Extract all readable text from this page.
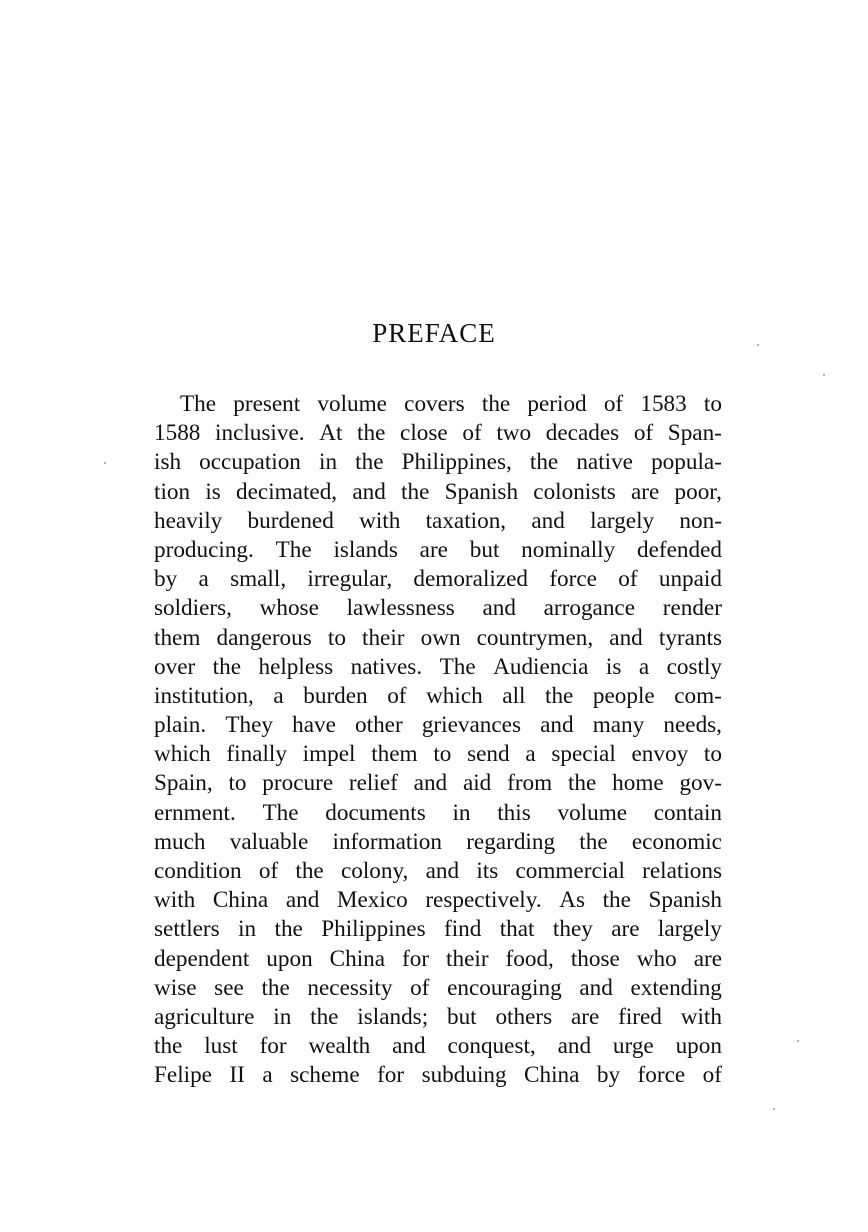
PREFACE
The present volume covers the period of 1583 to
1588 inclusive. At the close of two decades of Span-
ish occupation in the Philippines, the native popula-
tion is decimated, and the Spanish colonists are poor,
heavily burdened with taxation, and largely non-
producing. The islands are but nominally defended
by a small, irregular, demoralized force of unpaid
soldiers, whose lawlessness and arrogance render
them dangerous to their own countrymen, and tyrants
over the helpless natives. The Audiencia is a costly
institution, a burden of which all the people com-
plain. They have other grievances and many needs,
which finally impel them to send a special envoy to
Spain, to procure relief and aid from the home gov-
ernment. The documents in this volume contain
much valuable information regarding the economic
condition of the colony, and its commercial relations
with China and Mexico respectively. As the Spanish
settlers in the Philippines find that they are largely
dependent upon China for their food, those who are
wise see the necessity of encouraging and extending
agriculture in the islands; but others are fired with
the lust for wealth and conquest, and urge upon
Felipe II a scheme for subduing China by force of
